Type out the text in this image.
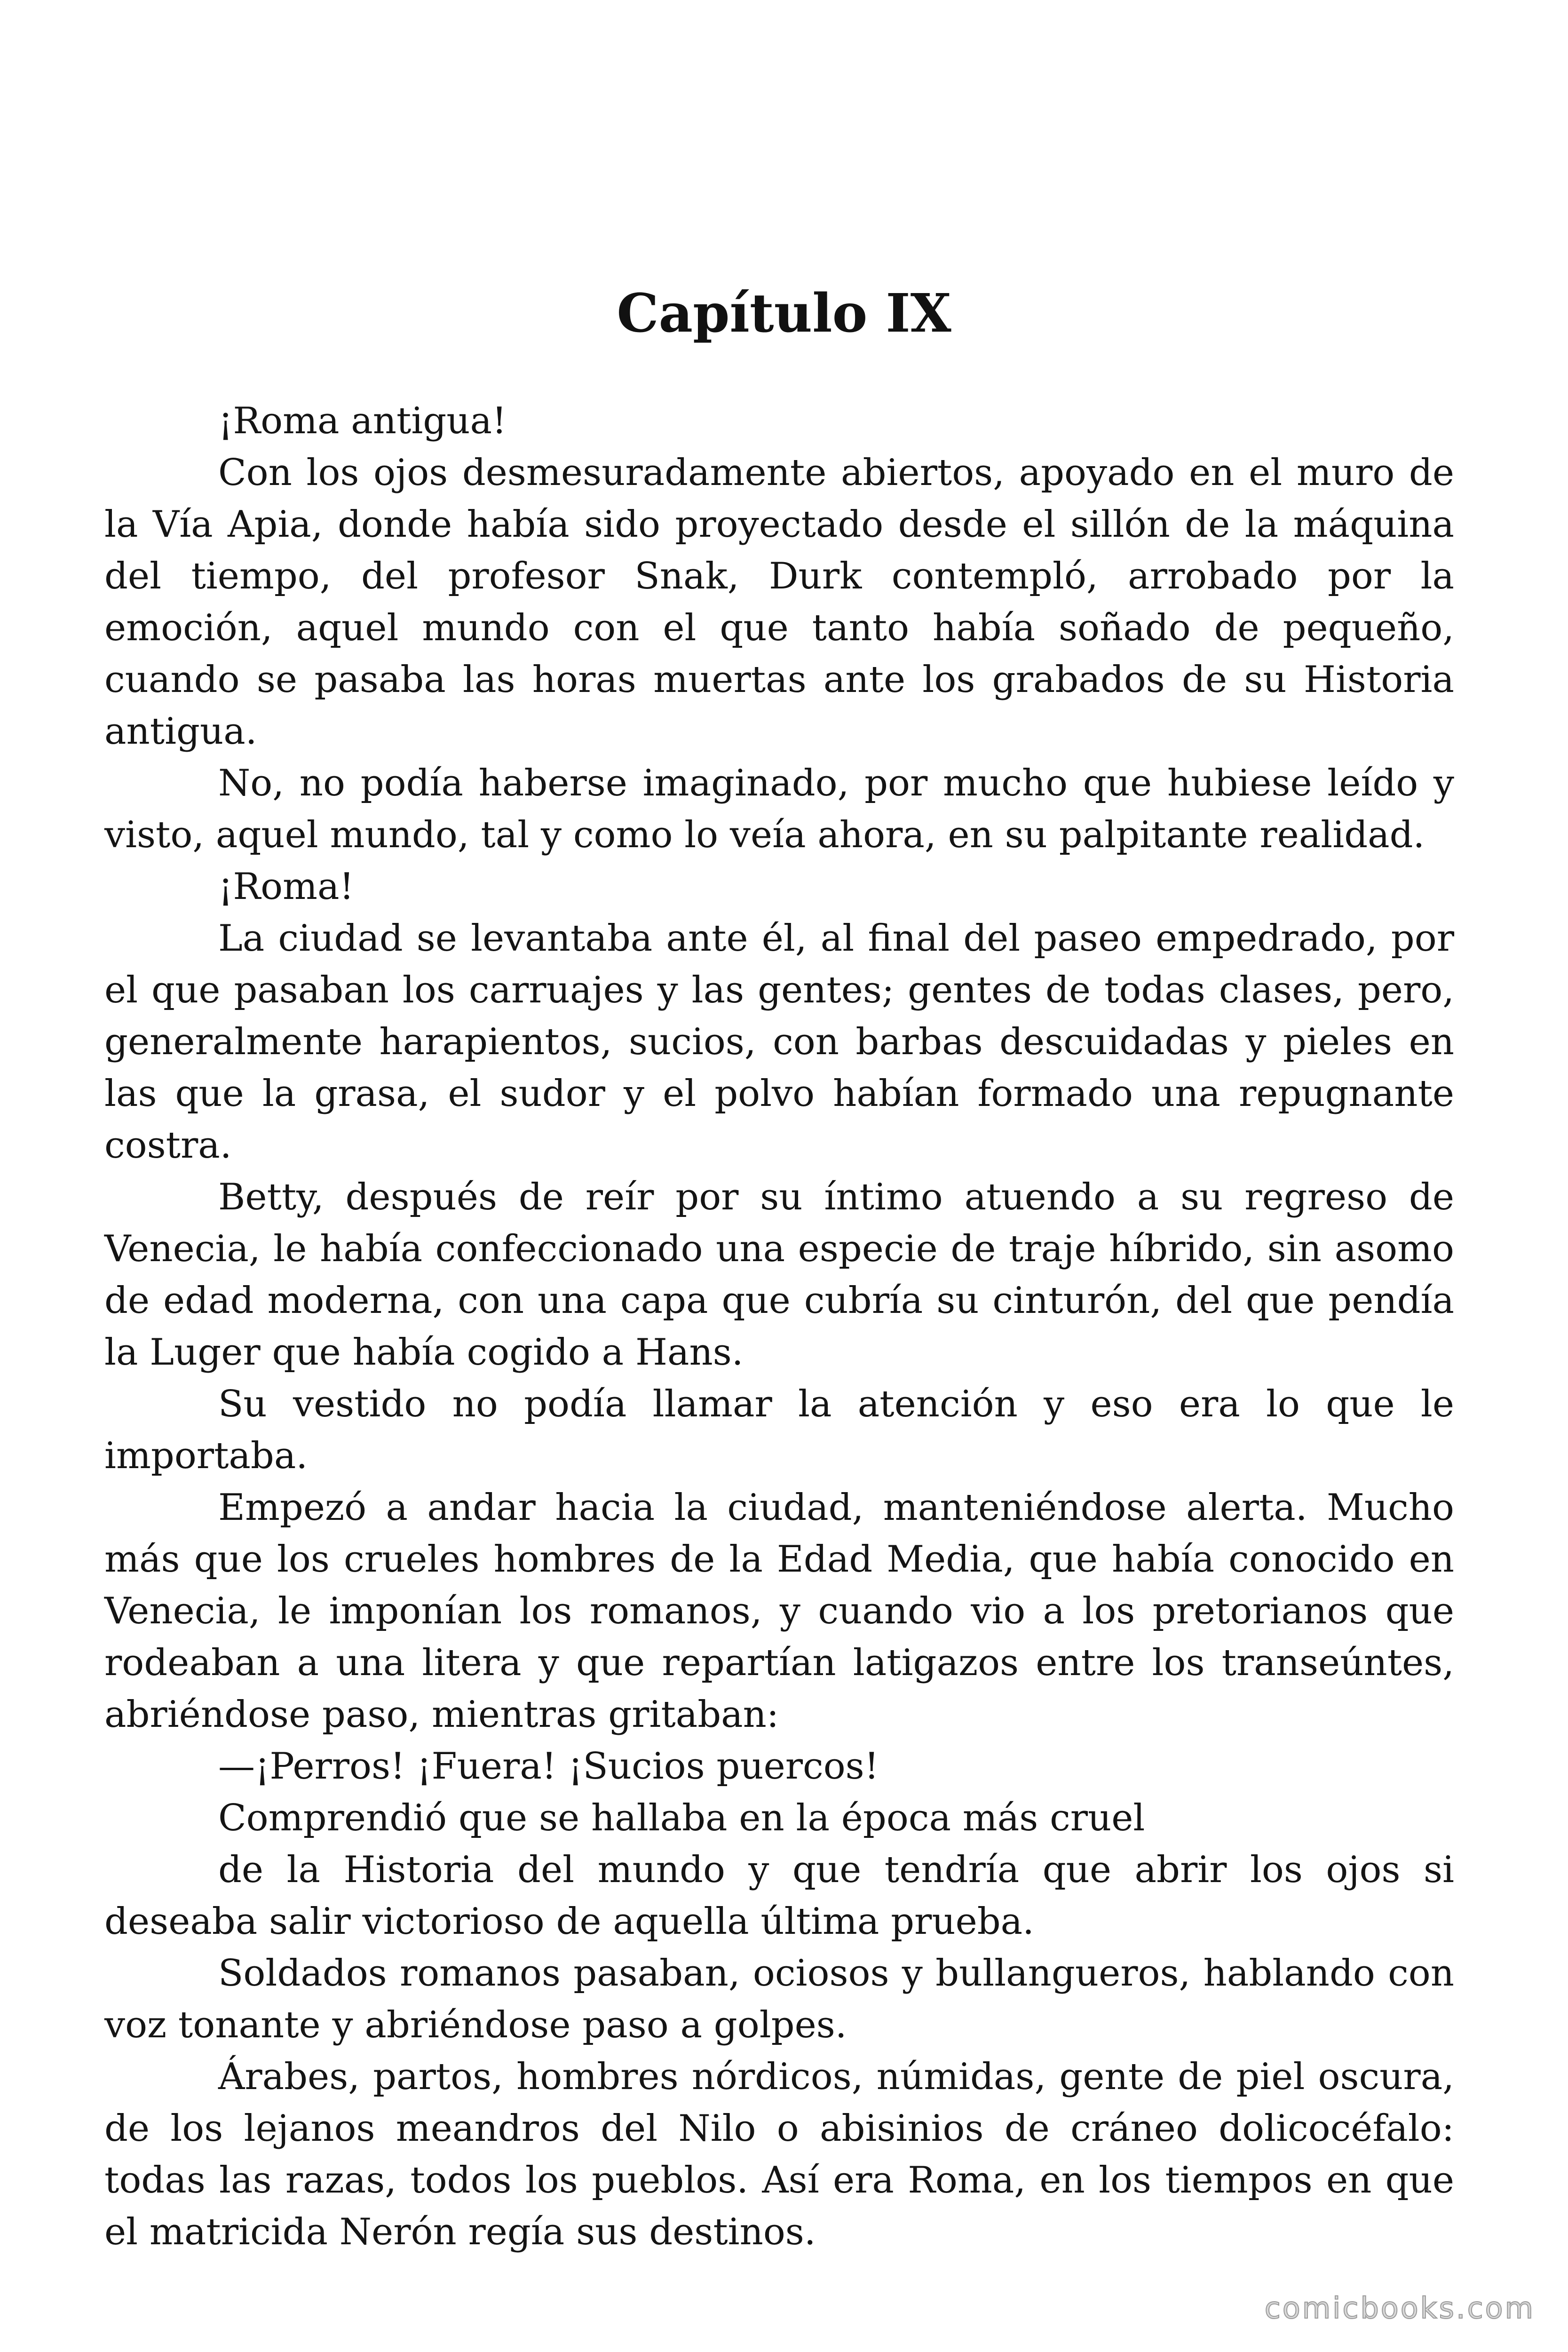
Capítulo IX

¡Roma antigua!

Con los ojos desmesuradamente abiertos, apoyado en el muro de la Vía Apia, donde había sido proyectado desde el sillón de la máquina del tiempo, del profesor Snak, Durk contempló, arrobado por la emoción, aquel mundo con el que tanto había soñado de pequeño, cuando se pasaba las horas muertas ante los grabados de su Historia antigua.

No, no podía haberse imaginado, por mucho que hubiese leído y visto, aquel mundo, tal y como lo veía ahora, en su palpitante realidad.

¡Roma!

La ciudad se levantaba ante él, al final del paseo empedrado, por el que pasaban los carruajes y las gentes; gentes de todas clases, pero, generalmente harapientos, sucios, con barbas descuidadas y pieles en las que la grasa, el sudor y el polvo habían formado una repugnante costra.

Betty, después de reír por su íntimo atuendo a su regreso de Venecia, le había confeccionado una especie de traje híbrido, sin asomo de edad moderna, con una capa que cubría su cinturón, del que pendía la Luger que había cogido a Hans.

Su vestido no podía llamar la atención y eso era lo que le importaba.

Empezó a andar hacia la ciudad, manteniéndose alerta. Mucho más que los crueles hombres de la Edad Media, que había conocido en Venecia, le imponían los romanos, y cuando vio a los pretorianos que rodeaban a una litera y que repartían latigazos entre los transeúntes, abriéndose paso, mientras gritaban:

—¡Perros! ¡Fuera! ¡Sucios puercos!

Comprendió que se hallaba en la época más cruel

de la Historia del mundo y que tendría que abrir los ojos si deseaba salir victorioso de aquella última prueba.

Soldados romanos pasaban, ociosos y bullangueros, hablando con voz tonante y abriéndose paso a golpes.

Árabes, partos, hombres nórdicos, númidas, gente de piel oscura, de los lejanos meandros del Nilo o abisinios de cráneo dolicocéfalo: todas las razas, todos los pueblos. Así era Roma, en los tiempos en que el matricida Nerón regía sus destinos.

comicbooks.com
